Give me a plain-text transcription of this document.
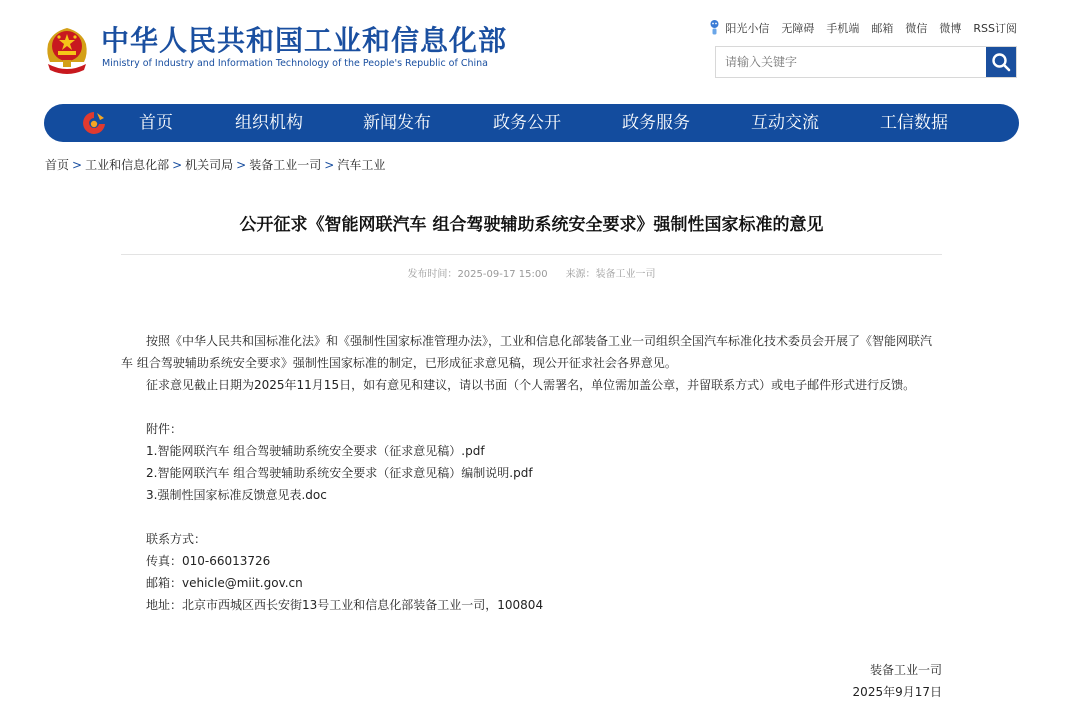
中华人民共和国工业和信息化部
Ministry of Industry and Information Technology of the People's Republic of China
阳光小信 无障碍 手机端 邮箱 微信 微博 RSS订阅
请输入关键字
首页	组织机构	新闻发布	政务公开	政务服务	互动交流	工信数据
首页 > 工业和信息化部 > 机关司局 > 装备工业一司 > 汽车工业
公开征求《智能网联汽车 组合驾驶辅助系统安全要求》强制性国家标准的意见
发布时间：2025-09-17 15:00 来源：装备工业一司
按照《中华人民共和国标准化法》和《强制性国家标准管理办法》，工业和信息化部装备工业一司组织全国汽车标准化技术委员会开展了《智能网联汽车 组合驾驶辅助系统安全要求》强制性国家标准的制定，已形成征求意见稿，现公开征求社会各界意见。
征求意见截止日期为2025年11月15日，如有意见和建议，请以书面（个人需署名，单位需加盖公章，并留联系方式）或电子邮件形式进行反馈。
附件：
1.智能网联汽车 组合驾驶辅助系统安全要求（征求意见稿）.pdf
2.智能网联汽车 组合驾驶辅助系统安全要求（征求意见稿）编制说明.pdf
3.强制性国家标准反馈意见表.doc
联系方式：
传真：010-66013726
邮箱：vehicle@miit.gov.cn
地址：北京市西城区西长安街13号工业和信息化部装备工业一司，100804
装备工业一司
2025年9月17日
